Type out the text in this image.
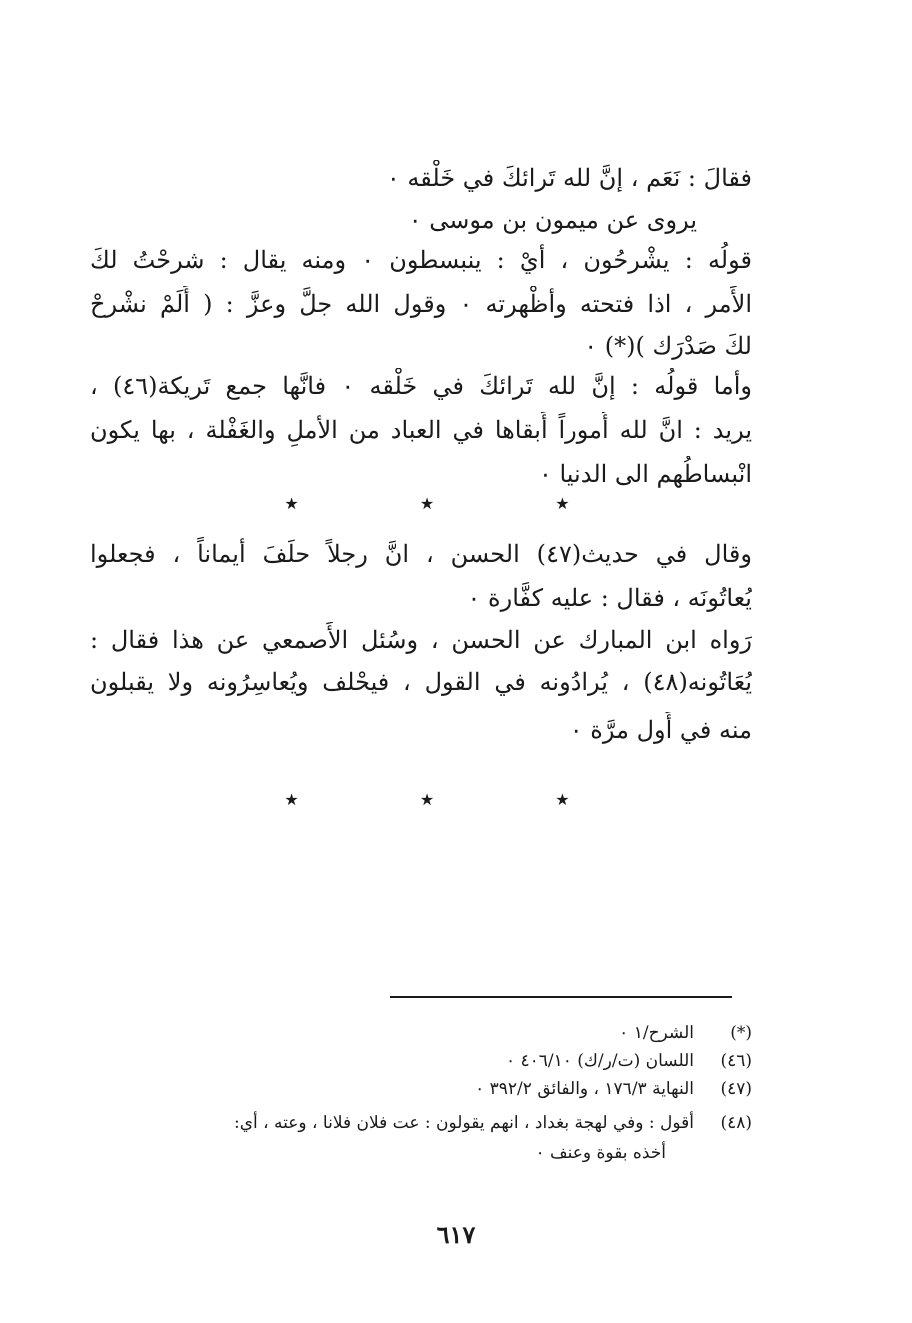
فقالَ : نَعَم ، إنَّ لله تَرائكَ في خَلْقه ٠
يروى عن ميمون بن موسى ٠
قولُه : يشْرحُون ، أيْ : ينبسطون ٠ ومنه يقال : شرحْتُ لكَ
الأَمر ، اذا فتحته وأظْهرته ٠ وقول الله جلَّ وعزَّ : ( أَلَمْ نشْرحْ
لكَ صَدْرَك )(*) ٠
وأما قولُه : إنَّ لله تَرائكَ في خَلْقه ٠ فانَّها جمع تَريكة(٤٦) ،
يريد : انَّ لله أُموراً أَبقاها في العباد من الأملِ والغَفْلة ، بها يكون
انْبساطُهم الى الدنيا ٠
★ ★ ★
وقال في حديث(٤٧) الحسن ، انَّ رجلاً حلَفَ أيماناً ، فجعلوا
يُعاتُونَه ، فقال : عليه كفَّارة ٠
رَواه ابن المبارك عن الحسن ، وسُئل الأَصمعي عن هذا فقال :
يُعَاتُونه(٤٨) ، يُرادُونه في القول ، فيحْلف ويُعاسِرُونه ولا يقبلون
منه في أَول مرَّة ٠
★ ★ ★
(*)
الشرح/١ ٠
(٤٦)
اللسان (ت/ر/ك) ٤٠٦/١٠ ٠
(٤٧)
النهاية ١٧٦/٣ ، والفائق ٣٩٢/٢ ٠
(٤٨)
أقول : وفي لهجة بغداد ، انهم يقولون : عت فلان فلانا ، وعته ، أي:
أخذه بقوة وعنف ٠
٦١٧
